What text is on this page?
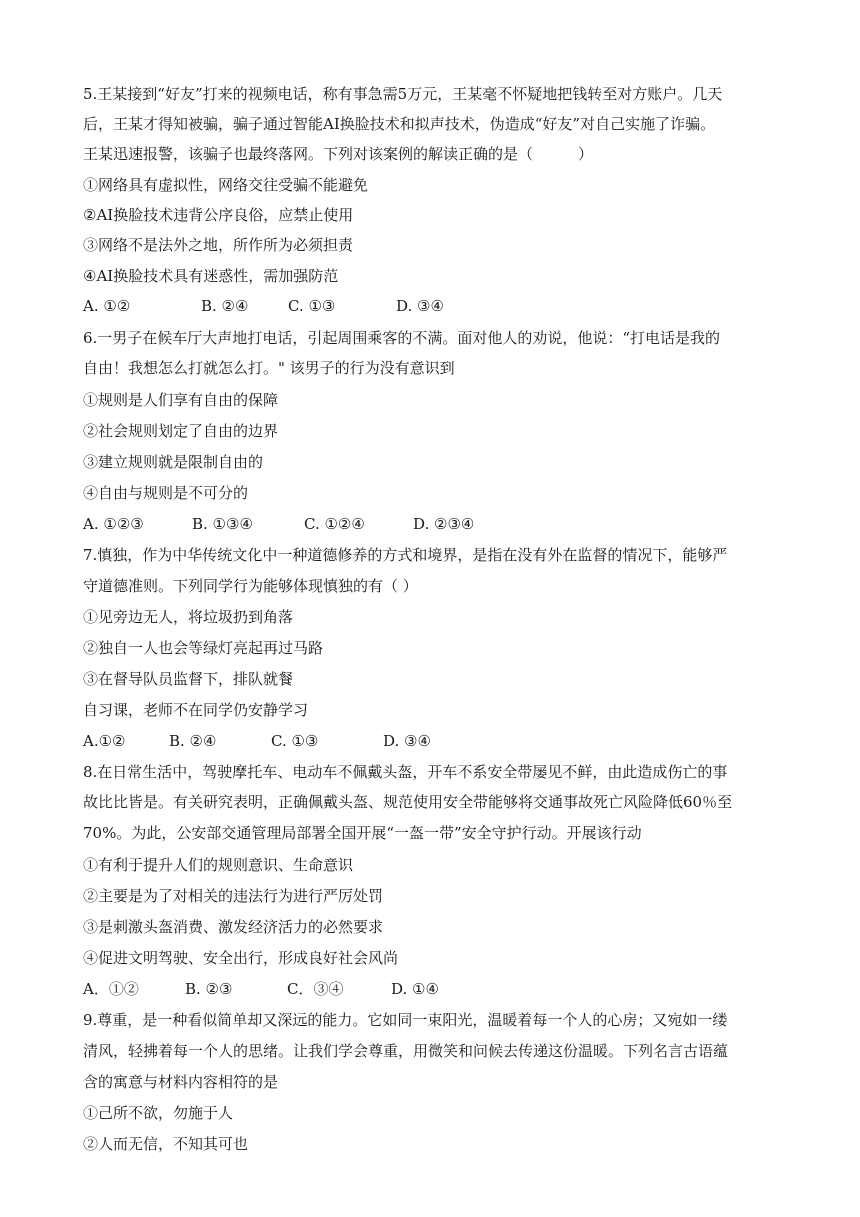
5.王某接到“好友”打来的视频电话，称有事急需5万元，王某毫不怀疑地把钱转至对方账户。几天
后，王某才得知被骗，骗子通过智能AI换脸技术和拟声技术，伪造成“好友”对自己实施了诈骗。
王某迅速报警，该骗子也最终落网。下列对该案例的解读正确的是（　　　）
①网络具有虚拟性，网络交往受骗不能避免
②AI换脸技术违背公序良俗，应禁止使用
③网络不是法外之地，所作所为必须担责
④AI换脸技术具有迷惑性，需加强防范
A. ①②	B. ②④	C. ①③	D. ③④
6.一男子在候车厅大声地打电话，引起周围乘客的不满。面对他人的劝说，他说：“打电话是我的
自由！我想怎么打就怎么打。" 该男子的行为没有意识到
①规则是人们享有自由的保障
②社会规则划定了自由的边界
③建立规则就是限制自由的
④自由与规则是不可分的
A. ①②③	B. ①③④	C. ①②④	D. ②③④
7.慎独，作为中华传统文化中一种道德修养的方式和境界，是指在没有外在监督的情况下，能够严
守道德准则。下列同学行为能够体现慎独的有（ ）
①见旁边无人，将垃圾扔到角落
②独自一人也会等绿灯亮起再过马路
③在督导队员监督下，排队就餐
自习课，老师不在同学仍安静学习
A.①②	B. ②④	C. ①③	D. ③④
8.在日常生活中，驾驶摩托车、电动车不佩戴头盔，开车不系安全带屡见不鲜，由此造成伤亡的事
故比比皆是。有关研究表明，正确佩戴头盔、规范使用安全带能够将交通事故死亡风险降低60％至
70%。为此，公安部交通管理局部署全国开展“一盔一带”安全守护行动。开展该行动
①有利于提升人们的规则意识、生命意识
②主要是为了对相关的违法行为进行严厉处罚
③是刺激头盔消费、激发经济活力的必然要求
④促进文明驾驶、安全出行，形成良好社会风尚
A．①②	B. ②③	C．③④	D. ①④
9.尊重，是一种看似简单却又深远的能力。它如同一束阳光，温暖着每一个人的心房；又宛如一缕
清风，轻拂着每一个人的思绪。让我们学会尊重，用微笑和问候去传递这份温暖。下列名言古语蕴
含的寓意与材料内容相符的是
①己所不欲，勿施于人
②人而无信，不知其可也
